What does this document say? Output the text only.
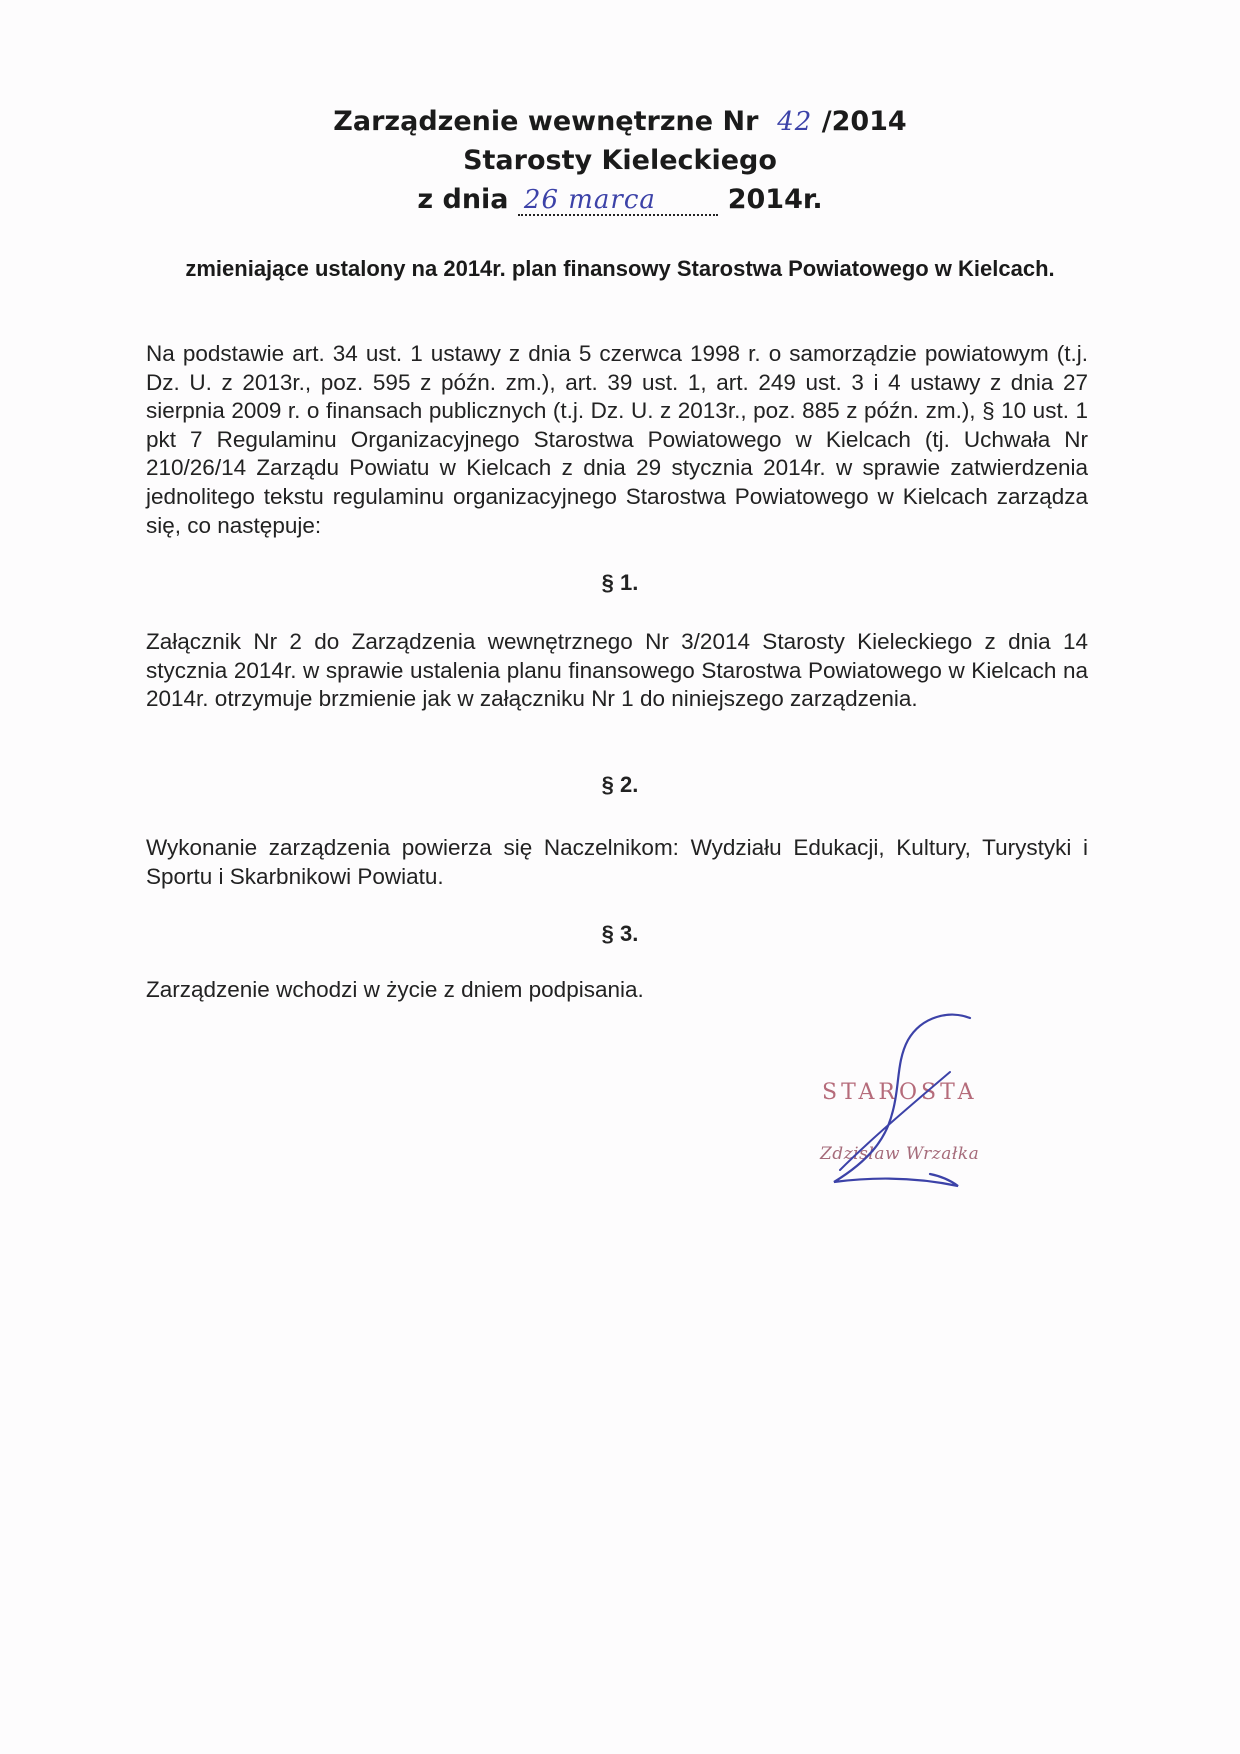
Zarządzenie wewnętrzne Nr 42 /2014
Starosty Kieleckiego
z dnia 26 marca	2014r.
zmieniające ustalony na 2014r. plan finansowy Starostwa Powiatowego w Kielcach.
Na podstawie art. 34 ust. 1 ustawy z dnia 5 czerwca 1998 r. o samorządzie powiatowym (t.j. Dz. U. z 2013r., poz. 595 z późn. zm.), art. 39 ust. 1, art. 249 ust. 3 i 4 ustawy z dnia 27 sierpnia 2009 r. o finansach publicznych (t.j. Dz. U. z 2013r., poz. 885 z późn. zm.), § 10 ust. 1 pkt 7 Regulaminu Organizacyjnego Starostwa Powiatowego w Kielcach (tj. Uchwała Nr 210/26/14 Zarządu Powiatu w Kielcach z dnia 29 stycznia 2014r. w sprawie zatwierdzenia jednolitego tekstu regulaminu organizacyjnego Starostwa Powiatowego w Kielcach zarządza się, co następuje:
§ 1.
Załącznik Nr 2 do Zarządzenia wewnętrznego Nr 3/2014 Starosty Kieleckiego z dnia 14 stycznia 2014r. w sprawie ustalenia planu finansowego Starostwa Powiatowego w Kielcach na 2014r. otrzymuje brzmienie jak w załączniku Nr 1 do niniejszego zarządzenia.
§ 2.
Wykonanie zarządzenia powierza się Naczelnikom: Wydziału Edukacji, Kultury, Turystyki i Sportu i Skarbnikowi Powiatu.
§ 3.
Zarządzenie wchodzi w życie z dniem podpisania.
STAROSTA
Zdzisław Wrzałka
